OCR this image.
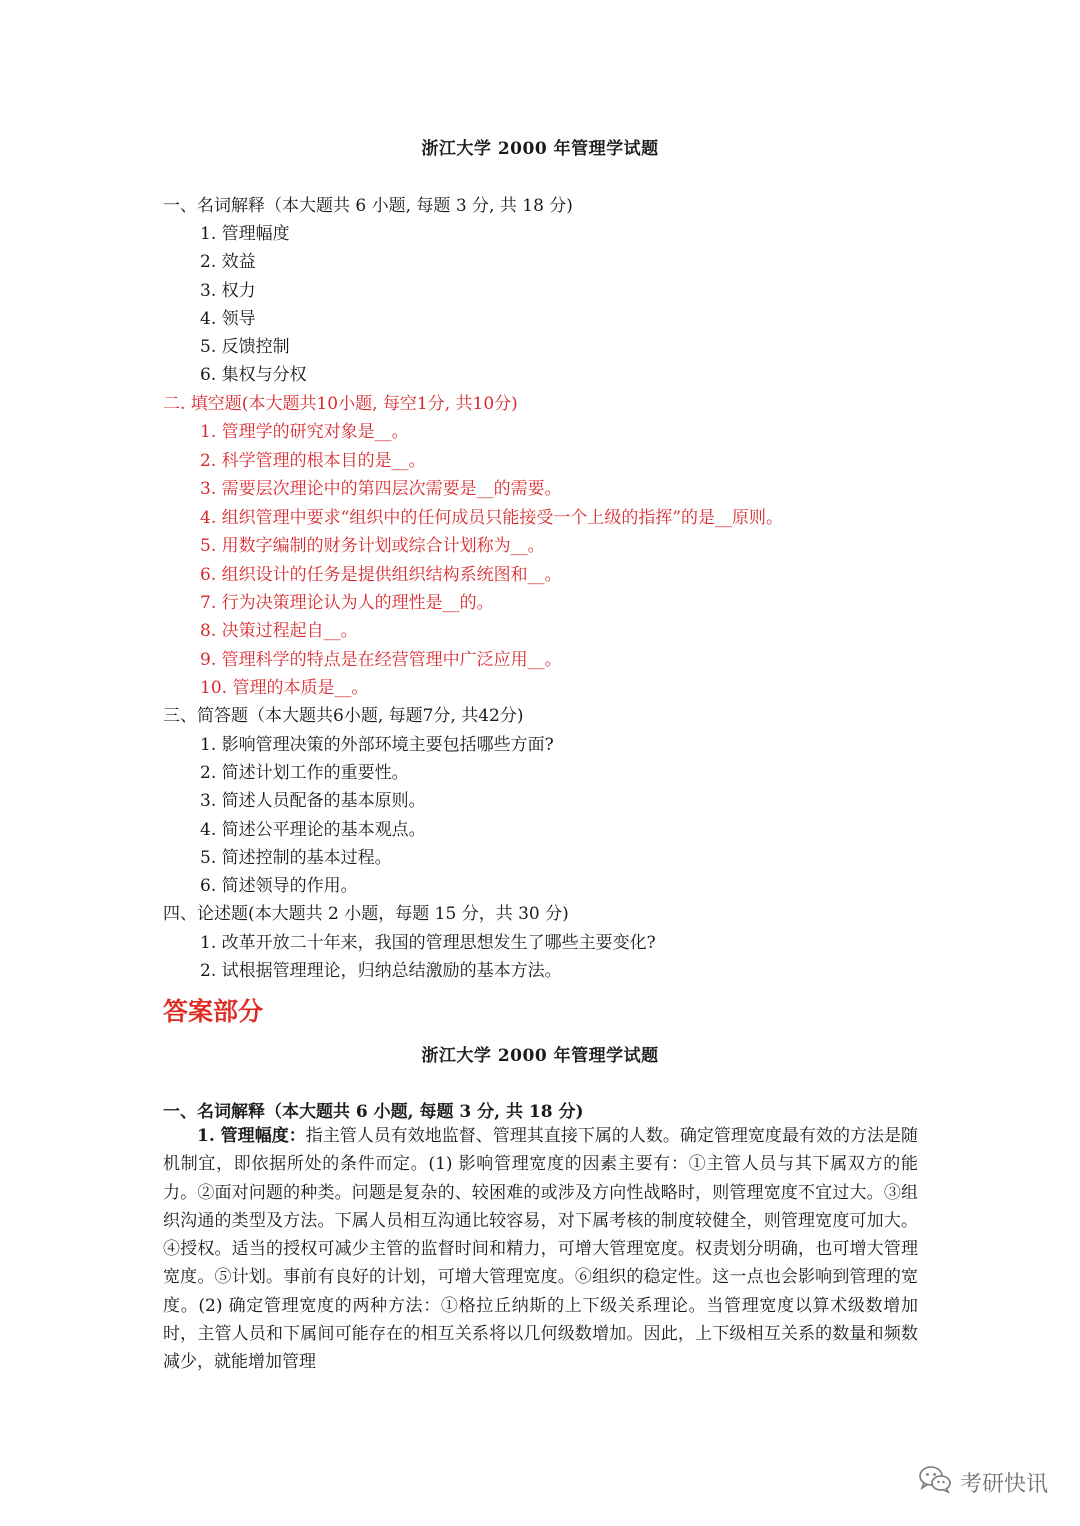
浙江大学 2000 年管理学试题
一、名词解释（本大题共 6 小题, 每题 3 分, 共 18 分)
1. 管理幅度
2. 效益
3. 权力
4. 领导
5. 反馈控制
6. 集权与分权
二. 填空题(本大题共10小题, 每空1分, 共10分)
1. 管理学的研究对象是__。
2. 科学管理的根本目的是__。
3. 需要层次理论中的第四层次需要是__的需要。
4. 组织管理中要求“组织中的任何成员只能接受一个上级的指挥”的是__原则。
5. 用数字编制的财务计划或综合计划称为__。
6. 组织设计的任务是提供组织结构系统图和__。
7. 行为决策理论认为人的理性是__的。
8. 决策过程起自__。
9. 管理科学的特点是在经营管理中广泛应用__。
10. 管理的本质是__。
三、简答题（本大题共6小题, 每题7分, 共42分)
1. 影响管理决策的外部环境主要包括哪些方面?
2. 简述计划工作的重要性。
3. 简述人员配备的基本原则。
4. 简述公平理论的基本观点。
5. 简述控制的基本过程。
6. 简述领导的作用。
四、论述题(本大题共 2 小题，每题 15 分，共 30 分)
1. 改革开放二十年来，我国的管理思想发生了哪些主要变化?
2. 试根据管理理论，归纳总结激励的基本方法。
答案部分
浙江大学 2000 年管理学试题
一、名词解释（本大题共 6 小题, 每题 3 分, 共 18 分)
1. 管理幅度：指主管人员有效地监督、管理其直接下属的人数。确定管理宽度最有效的方法是随机制宜，即依据所处的条件而定。(1) 影响管理宽度的因素主要有：①主管人员与其下属双方的能力。②面对问题的种类。问题是复杂的、较困难的或涉及方向性战略时，则管理宽度不宜过大。③组织沟通的类型及方法。下属人员相互沟通比较容易，对下属考核的制度较健全，则管理宽度可加大。④授权。适当的授权可减少主管的监督时间和精力，可增大管理宽度。权责划分明确，也可增大管理宽度。⑤计划。事前有良好的计划，可增大管理宽度。⑥组织的稳定性。这一点也会影响到管理的宽度。(2) 确定管理宽度的两种方法：①格拉丘纳斯的上下级关系理论。当管理宽度以算术级数增加时，主管人员和下属间可能存在的相互关系将以几何级数增加。因此，上下级相互关系的数量和频数减少，就能增加管理
考研快讯
